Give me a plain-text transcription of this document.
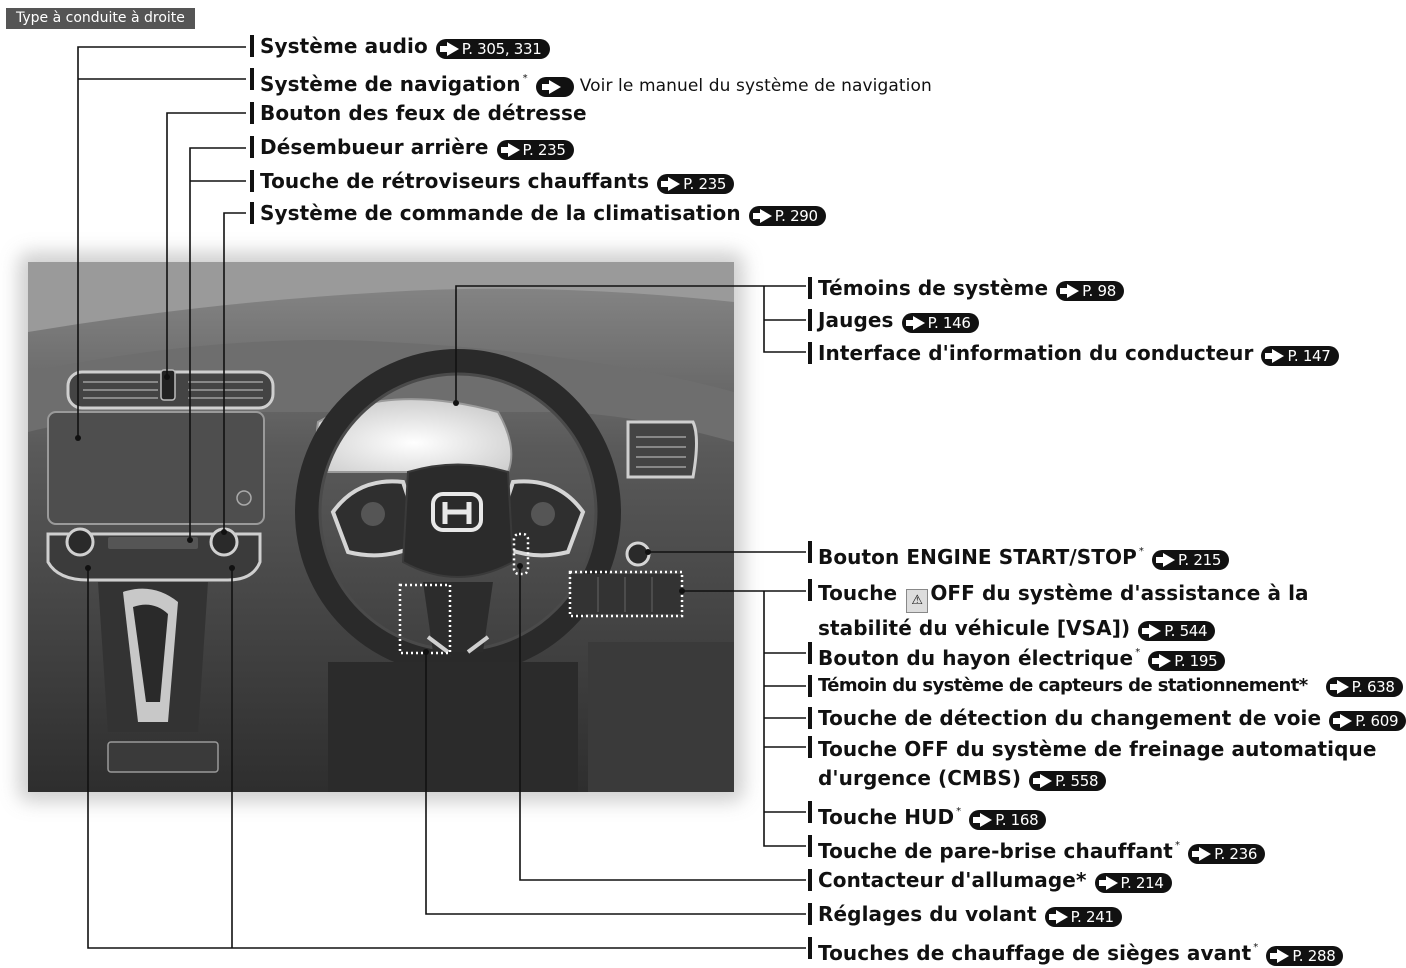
Type à conduite à droite
Système audio P. 305, 331
Système de navigation *	Voir le manuel du système de navigation
Bouton des feux de détresse
Désembueur arrière P. 235
Touche de rétroviseurs chauffants P. 235
Système de commande de la climatisation P. 290
Témoins de système P. 98
Jauges P. 146
Interface d'information du conducteur P. 147
Bouton ENGINE START/STOP * P. 215
Touche ⚠ OFF du système d'assistance à la
stabilité du véhicule [VSA]) P. 544
Bouton du hayon électrique * P. 195
Témoin du système de capteurs de stationnement*	P. 638
Touche de détection du changement de voie P. 609
Touche OFF du système de freinage automatique
d'urgence (CMBS) P. 558
Touche HUD * P. 168
Touche de pare-brise chauffant * P. 236
Contacteur d'allumage* P. 214
Réglages du volant P. 241
Touches de chauffage de sièges avant * P. 288
